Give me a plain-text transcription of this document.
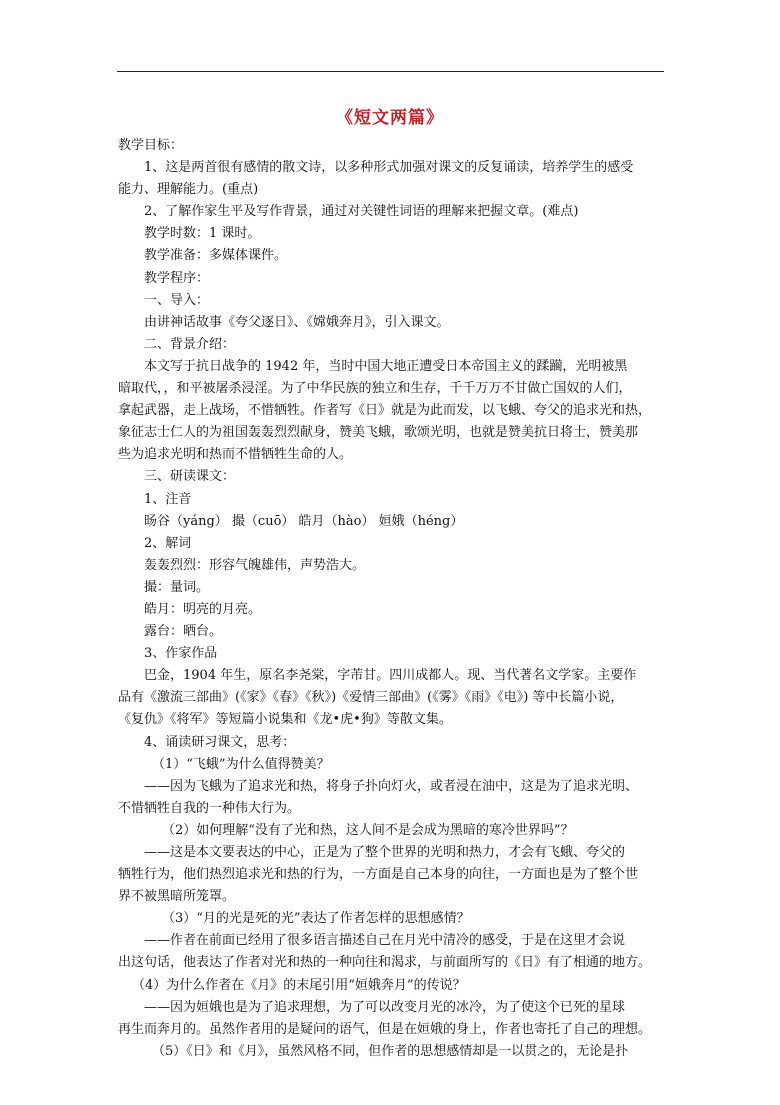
《短文两篇》

教学目标：

1、这是两首很有感情的散文诗，以多种形式加强对课文的反复诵读，培养学生的感受

能力、理解能力。(重点)

2、了解作家生平及写作背景，通过对关键性词语的理解来把握文章。(难点)

教学时数：1 课时。

教学准备：多媒体课件。

教学程序：

一、导入：

由讲神话故事《夸父逐日》、《嫦娥奔月》，引入课文。

二、背景介绍：

本文写于抗日战争的 1942 年，当时中国大地正遭受日本帝国主义的蹂躏，光明被黑

暗取代，，和平被屠杀浸淫。为了中华民族的独立和生存，千千万万不甘做亡国奴的人们，

拿起武器，走上战场，不惜牺牲。作者写《日》就是为此而发，以飞蛾、夸父的追求光和热，

象征志士仁人的为祖国轰轰烈烈献身，赞美飞蛾，歌颂光明，也就是赞美抗日将士，赞美那

些为追求光明和热而不惜牺牲生命的人。

三、研读课文：

1、注音

旸谷（yáng） 撮（cuō） 皓月（hào） 姮娥（héng）

2、解词

轰轰烈烈：形容气魄雄伟，声势浩大。

撮：量词。

皓月：明亮的月亮。

露台：晒台。

3、作家作品

巴金，1904 年生，原名李尧棠，字芾甘。四川成都人。现、当代著名文学家。主要作

品有《激流三部曲》(《家》《春》《秋》)《爱情三部曲》(《雾》《雨》《电》) 等中长篇小说，

《复仇》《将军》等短篇小说集和《龙•虎•狗》等散文集。

4、诵读研习课文，思考：

（1）“飞蛾”为什么值得赞美？

——因为飞蛾为了追求光和热，将身子扑向灯火，或者浸在油中，这是为了追求光明、

不惜牺牲自我的一种伟大行为。

（2）如何理解“没有了光和热，这人间不是会成为黑暗的寒冷世界吗”？

——这是本文要表达的中心，正是为了整个世界的光明和热力，才会有飞蛾、夸父的

牺牲行为，他们热烈追求光和热的行为，一方面是自己本身的向往，一方面也是为了整个世

界不被黑暗所笼罩。

（3）“月的光是死的光”表达了作者怎样的思想感情？

——作者在前面已经用了很多语言描述自己在月光中清冷的感受，于是在这里才会说

出这句话，他表达了作者对光和热的一种向往和渴求，与前面所写的《日》有了相通的地方。

（4）为什么作者在《月》的末尾引用“姮娥奔月”的传说？

——因为姮娥也是为了追求理想，为了可以改变月光的冰冷，为了使这个已死的星球

再生而奔月的。虽然作者用的是疑问的语气，但是在姮娥的身上，作者也寄托了自己的理想。

（5）《日》和《月》，虽然风格不同，但作者的思想感情却是一以贯之的，无论是扑
